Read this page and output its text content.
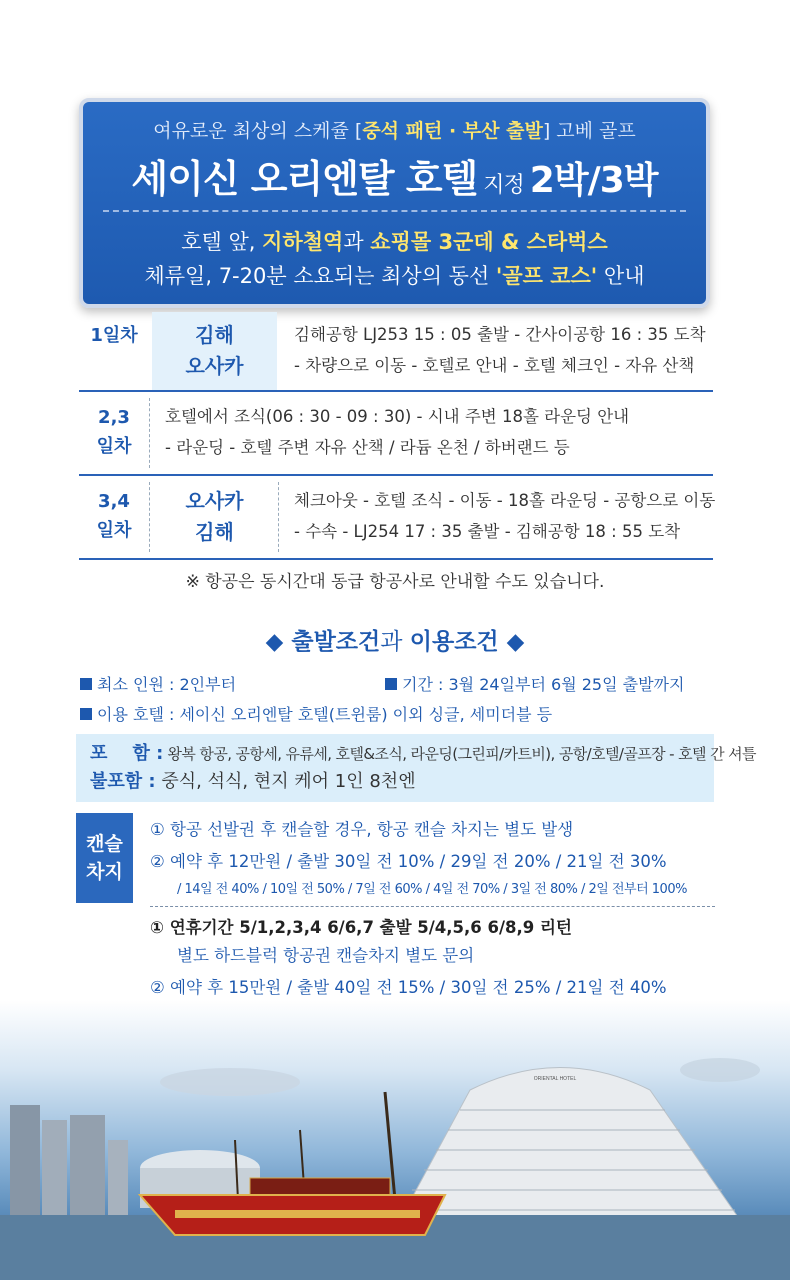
여유로운 최상의 스케쥴 [중석 패턴 · 부산 출발] 고베 골프
세이신 오리엔탈 호텔 지정 2박/3박
호텔 앞, 지하철역과 쇼핑몰 3군데 & 스타벅스
체류일, 7-20분 소요되는 최상의 동선 '골프 코스' 안내
1일차	김해
오사카
김해공항 LJ253 15 : 05 출발 - 간사이공항 16 : 35 도착
- 차량으로 이동 - 호텔로 안내 - 호텔 체크인 - 자유 산책
2,3
일차
호텔에서 조식(06 : 30 - 09 : 30) - 시내 주변 18홀 라운딩 안내
- 라운딩 - 호텔 주변 자유 산책 / 라듐 온천 / 하버랜드 등
3,4
일차
오사카
김해
체크아웃 - 호텔 조식 - 이동 - 18홀 라운딩 - 공항으로 이동
- 수속 - LJ254 17 : 35 출발 - 김해공항 18 : 55 도착
※ 항공은 동시간대 동급 항공사로 안내할 수도 있습니다.
◆ 출발조건과 이용조건 ◆
최소 인원 : 2인부터	기간 : 3월 24일부터 6월 25일 출발까지
이용 호텔 : 세이신 오리엔탈 호텔(트윈룸) 이외 싱글, 세미더블 등
포    함 : 왕복 항공, 공항세, 유류세, 호텔&조식, 라운딩(그린피/카트비), 공항/호텔/골프장 - 호텔 간 셔틀
불포함 : 중식, 석식, 현지 케어 1인 8천엔
캔슬
차지
① 항공 선발권 후 캔슬할 경우, 항공 캔슬 차지는 별도 발생
② 예약 후 12만원 / 출발 30일 전 10% / 29일 전 20% / 21일 전 30%
/ 14일 전 40% / 10일 전 50% / 7일 전 60% / 4일 전 70% / 3일 전 80% / 2일 전부터 100%
① 연휴기간 5/1,2,3,4 6/6,7 출발 5/4,5,6 6/8,9 리턴
별도 하드블럭 항공권 캔슬차지 별도 문의
② 예약 후 15만원 / 출발 40일 전 15% / 30일 전 25% / 21일 전 40%
ORIENTAL HOTEL
